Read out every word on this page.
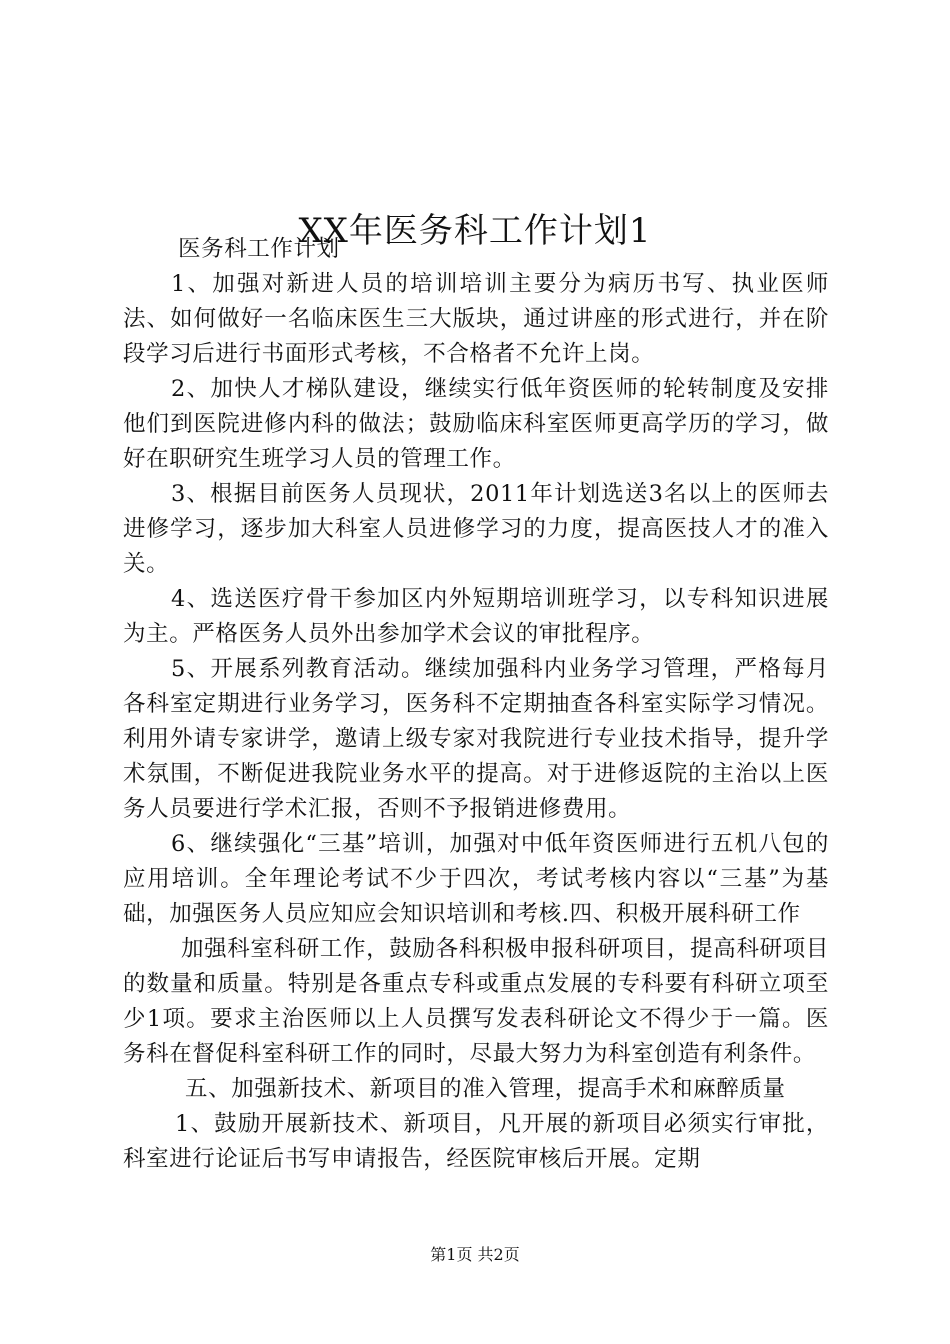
XX年医务科工作计划1

医务科工作计划

1、加强对新进人员的培训培训主要分为病历书写、执业医师法、如何做好一名临床医生三大版块，通过讲座的形式进行，并在阶段学习后进行书面形式考核，不合格者不允许上岗。

2、加快人才梯队建设，继续实行低年资医师的轮转制度及安排他们到医院进修内科的做法；鼓励临床科室医师更高学历的学习，做好在职研究生班学习人员的管理工作。

3、根据目前医务人员现状，2011年计划选送3名以上的医师去进修学习，逐步加大科室人员进修学习的力度，提高医技人才的准入关。

4、选送医疗骨干参加区内外短期培训班学习，以专科知识进展为主。严格医务人员外出参加学术会议的审批程序。

5、开展系列教育活动。继续加强科内业务学习管理，严格每月各科室定期进行业务学习，医务科不定期抽查各科室实际学习情况。利用外请专家讲学，邀请上级专家对我院进行专业技术指导，提升学术氛围，不断促进我院业务水平的提高。对于进修返院的主治以上医务人员要进行学术汇报，否则不予报销进修费用。

6、继续强化“三基”培训，加强对中低年资医师进行五机八包的应用培训。全年理论考试不少于四次，考试考核内容以“三基”为基础，加强医务人员应知应会知识培训和考核.四、积极开展科研工作

加强科室科研工作，鼓励各科积极申报科研项目，提高科研项目的数量和质量。特别是各重点专科或重点发展的专科要有科研立项至少1项。要求主治医师以上人员撰写发表科研论文不得少于一篇。医务科在督促科室科研工作的同时，尽最大努力为科室创造有利条件。

五、加强新技术、新项目的准入管理，提高手术和麻醉质量

1、鼓励开展新技术、新项目，凡开展的新项目必须实行审批，科室进行论证后书写申请报告，经医院审核后开展。定期

第1页 共2页
